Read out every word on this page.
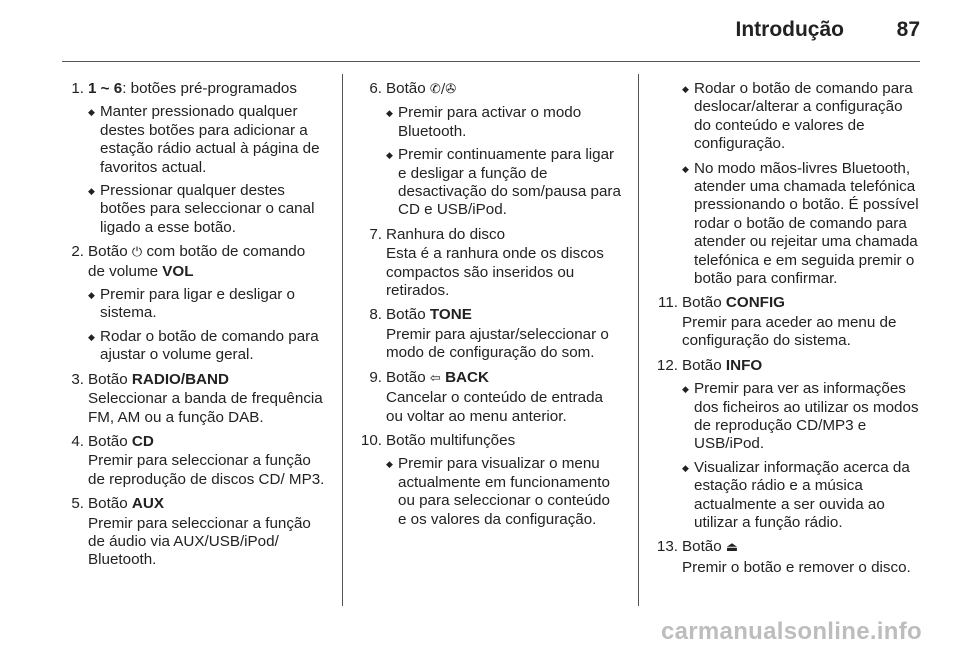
Introdução	87
1. 1 ~ 6: botões pré-programados
◆ Manter pressionado qualquer destes botões para adicionar a estação rádio actual à página de favoritos actual.
◆ Pressionar qualquer destes botões para seleccionar o canal ligado a esse botão.
2. Botão ⏻ com botão de comando de volume VOL
◆ Premir para ligar e desligar o sistema.
◆ Rodar o botão de comando para ajustar o volume geral.
3. Botão RADIO/BAND
Seleccionar a banda de frequência FM, AM ou a função DAB.
4. Botão CD
Premir para seleccionar a função de reprodução de discos CD/ MP3.
5. Botão AUX
Premir para seleccionar a função de áudio via AUX/USB/iPod/ Bluetooth.
6. Botão ✆/✇
◆ Premir para activar o modo Bluetooth.
◆ Premir continuamente para ligar e desligar a função de desactivação do som/pausa para CD e USB/iPod.
7. Ranhura do disco
Esta é a ranhura onde os discos compactos são inseridos ou retirados.
8. Botão TONE
Premir para ajustar/seleccionar o modo de configuração do som.
9. Botão ⇦ BACK
Cancelar o conteúdo de entrada ou voltar ao menu anterior.
10. Botão multifunções
◆ Premir para visualizar o menu actualmente em funcionamento ou para seleccionar o conteúdo e os valores da configuração.
◆ Rodar o botão de comando para deslocar/alterar a configuração do conteúdo e valores de configuração.
◆ No modo mãos-livres Bluetooth, atender uma chamada telefónica pressionando o botão. É possível rodar o botão de comando para atender ou rejeitar uma chamada telefónica e em seguida premir o botão para confirmar.
11. Botão CONFIG
Premir para aceder ao menu de configuração do sistema.
12. Botão INFO
◆ Premir para ver as informações dos ficheiros ao utilizar os modos de reprodução CD/MP3 e USB/iPod.
◆ Visualizar informação acerca da estação rádio e a música actualmente a ser ouvida ao utilizar a função rádio.
13. Botão ⏏
Premir o botão e remover o disco.
carmanualsonline.info
